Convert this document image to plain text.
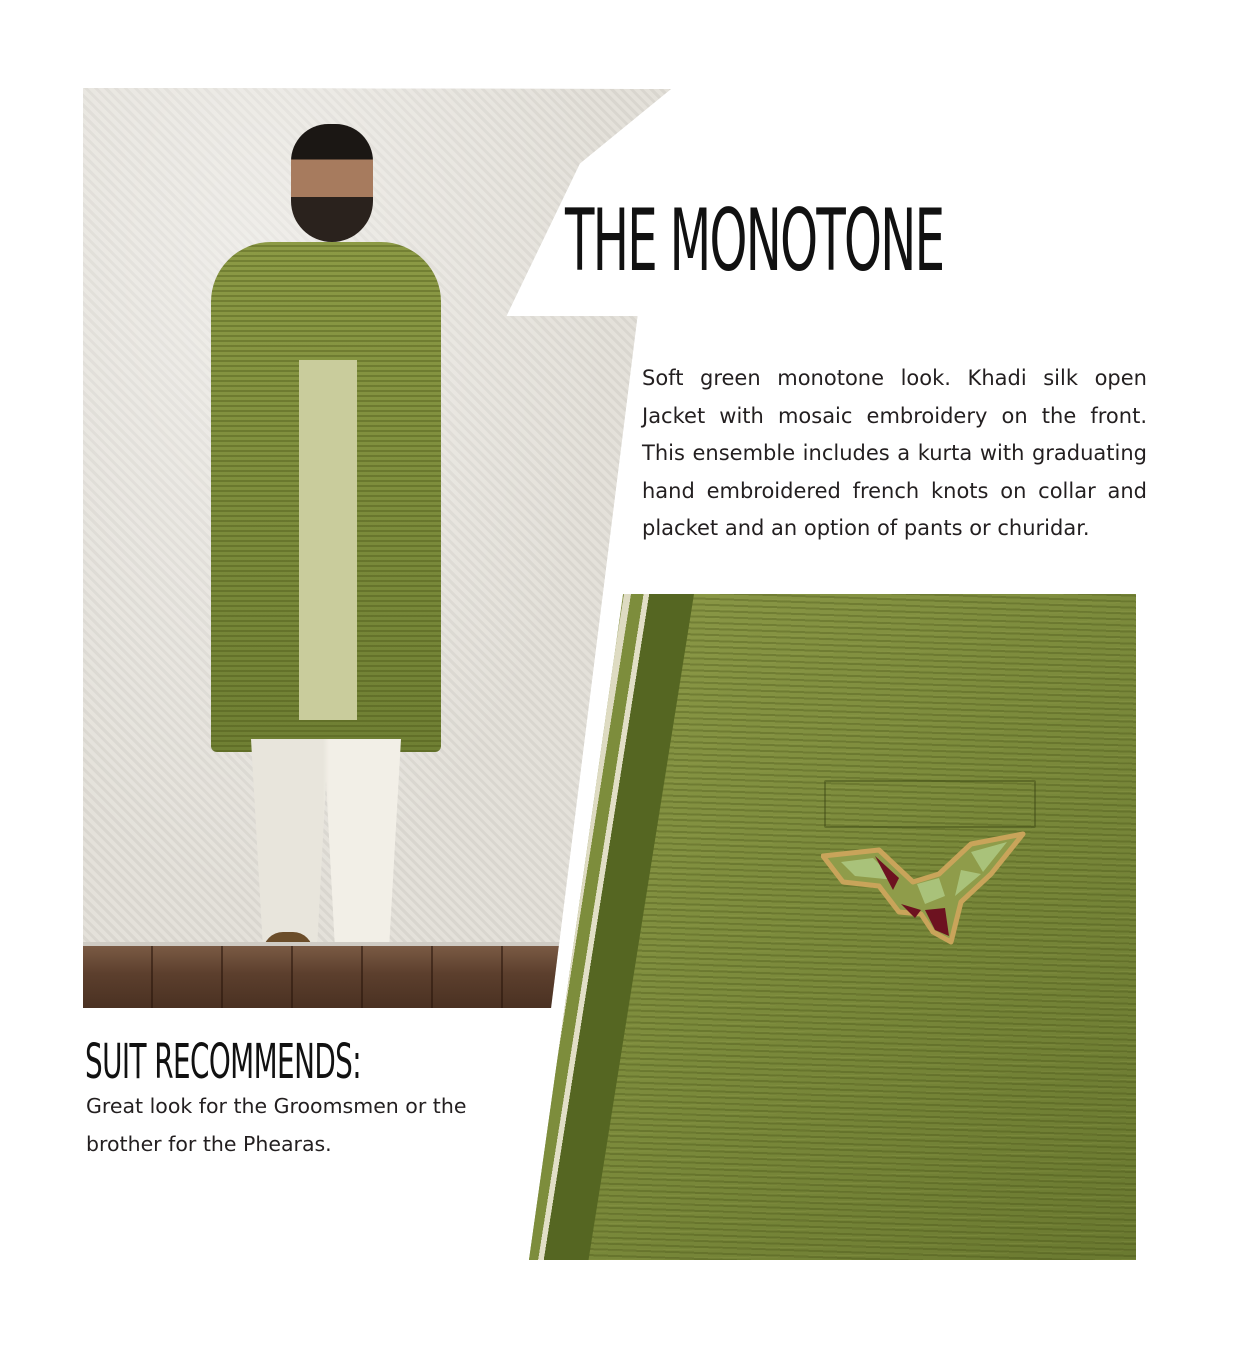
THE MONOTONE

Soft green monotone look. Khadi silk open Jacket with mosaic embroidery on the front. This ensemble includes a kurta with graduating hand embroidered french knots on collar and placket and an option of pants or churidar.

SUIT RECOMMENDS:

Great look for the Groomsmen or the brother for the Phearas.
